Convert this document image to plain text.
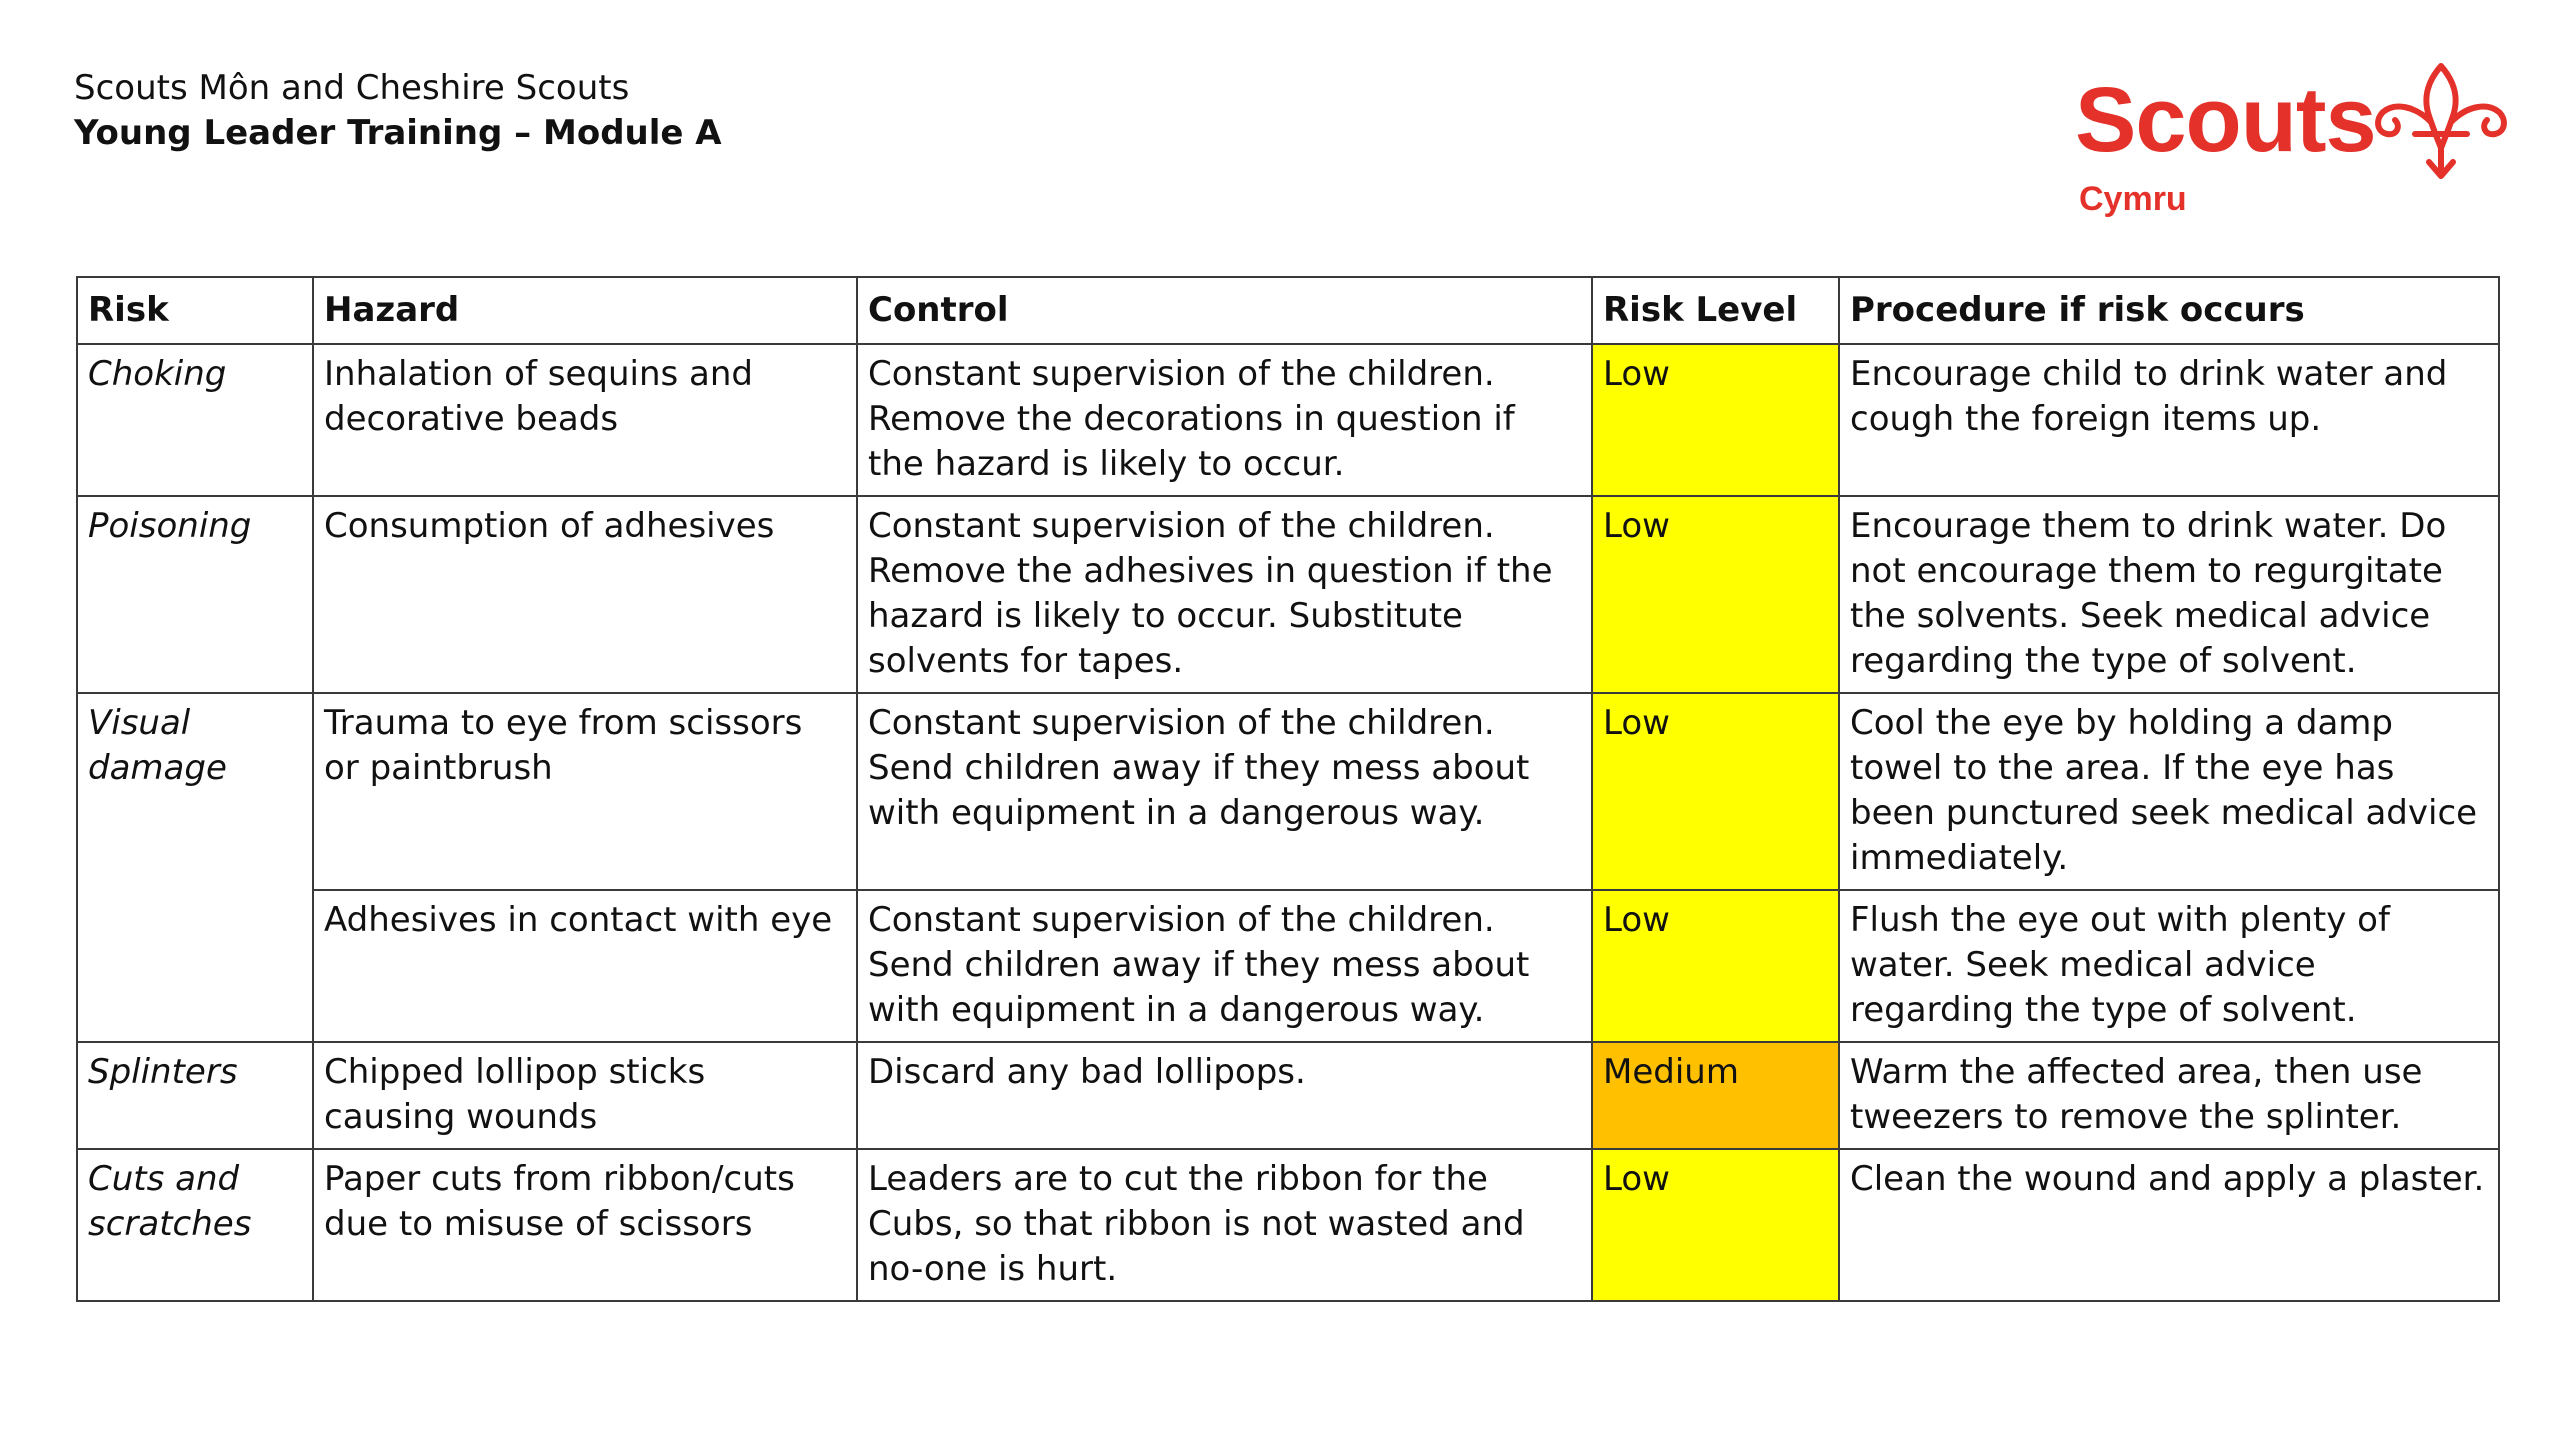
Scouts Môn and Cheshire Scouts
Young Leader Training – Module A	Scouts
Cymru
Risk	Hazard	Control	Risk Level	Procedure if risk occurs
Choking	Inhalation of sequins and decorative beads	Constant supervision of the children. Remove the decorations in question if the hazard is likely to occur.	Low	Encourage child to drink water and cough the foreign items up.
Poisoning	Consumption of adhesives	Constant supervision of the children. Remove the adhesives in question if the hazard is likely to occur. Substitute solvents for tapes.	Low	Encourage them to drink water. Do not encourage them to regurgitate the solvents. Seek medical advice regarding the type of solvent.
Visual damage	Trauma to eye from scissors or paintbrush	Constant supervision of the children. Send children away if they mess about with equipment in a dangerous way.	Low	Cool the eye by holding a damp towel to the area. If the eye has been punctured seek medical advice immediately.
	Adhesives in contact with eye	Constant supervision of the children. Send children away if they mess about with equipment in a dangerous way.	Low	Flush the eye out with plenty of water. Seek medical advice regarding the type of solvent.
Splinters	Chipped lollipop sticks causing wounds	Discard any bad lollipops.	Medium	Warm the affected area, then use tweezers to remove the splinter.
Cuts and scratches	Paper cuts from ribbon/cuts due to misuse of scissors	Leaders are to cut the ribbon for the Cubs, so that ribbon is not wasted and no-one is hurt.	Low	Clean the wound and apply a plaster.
